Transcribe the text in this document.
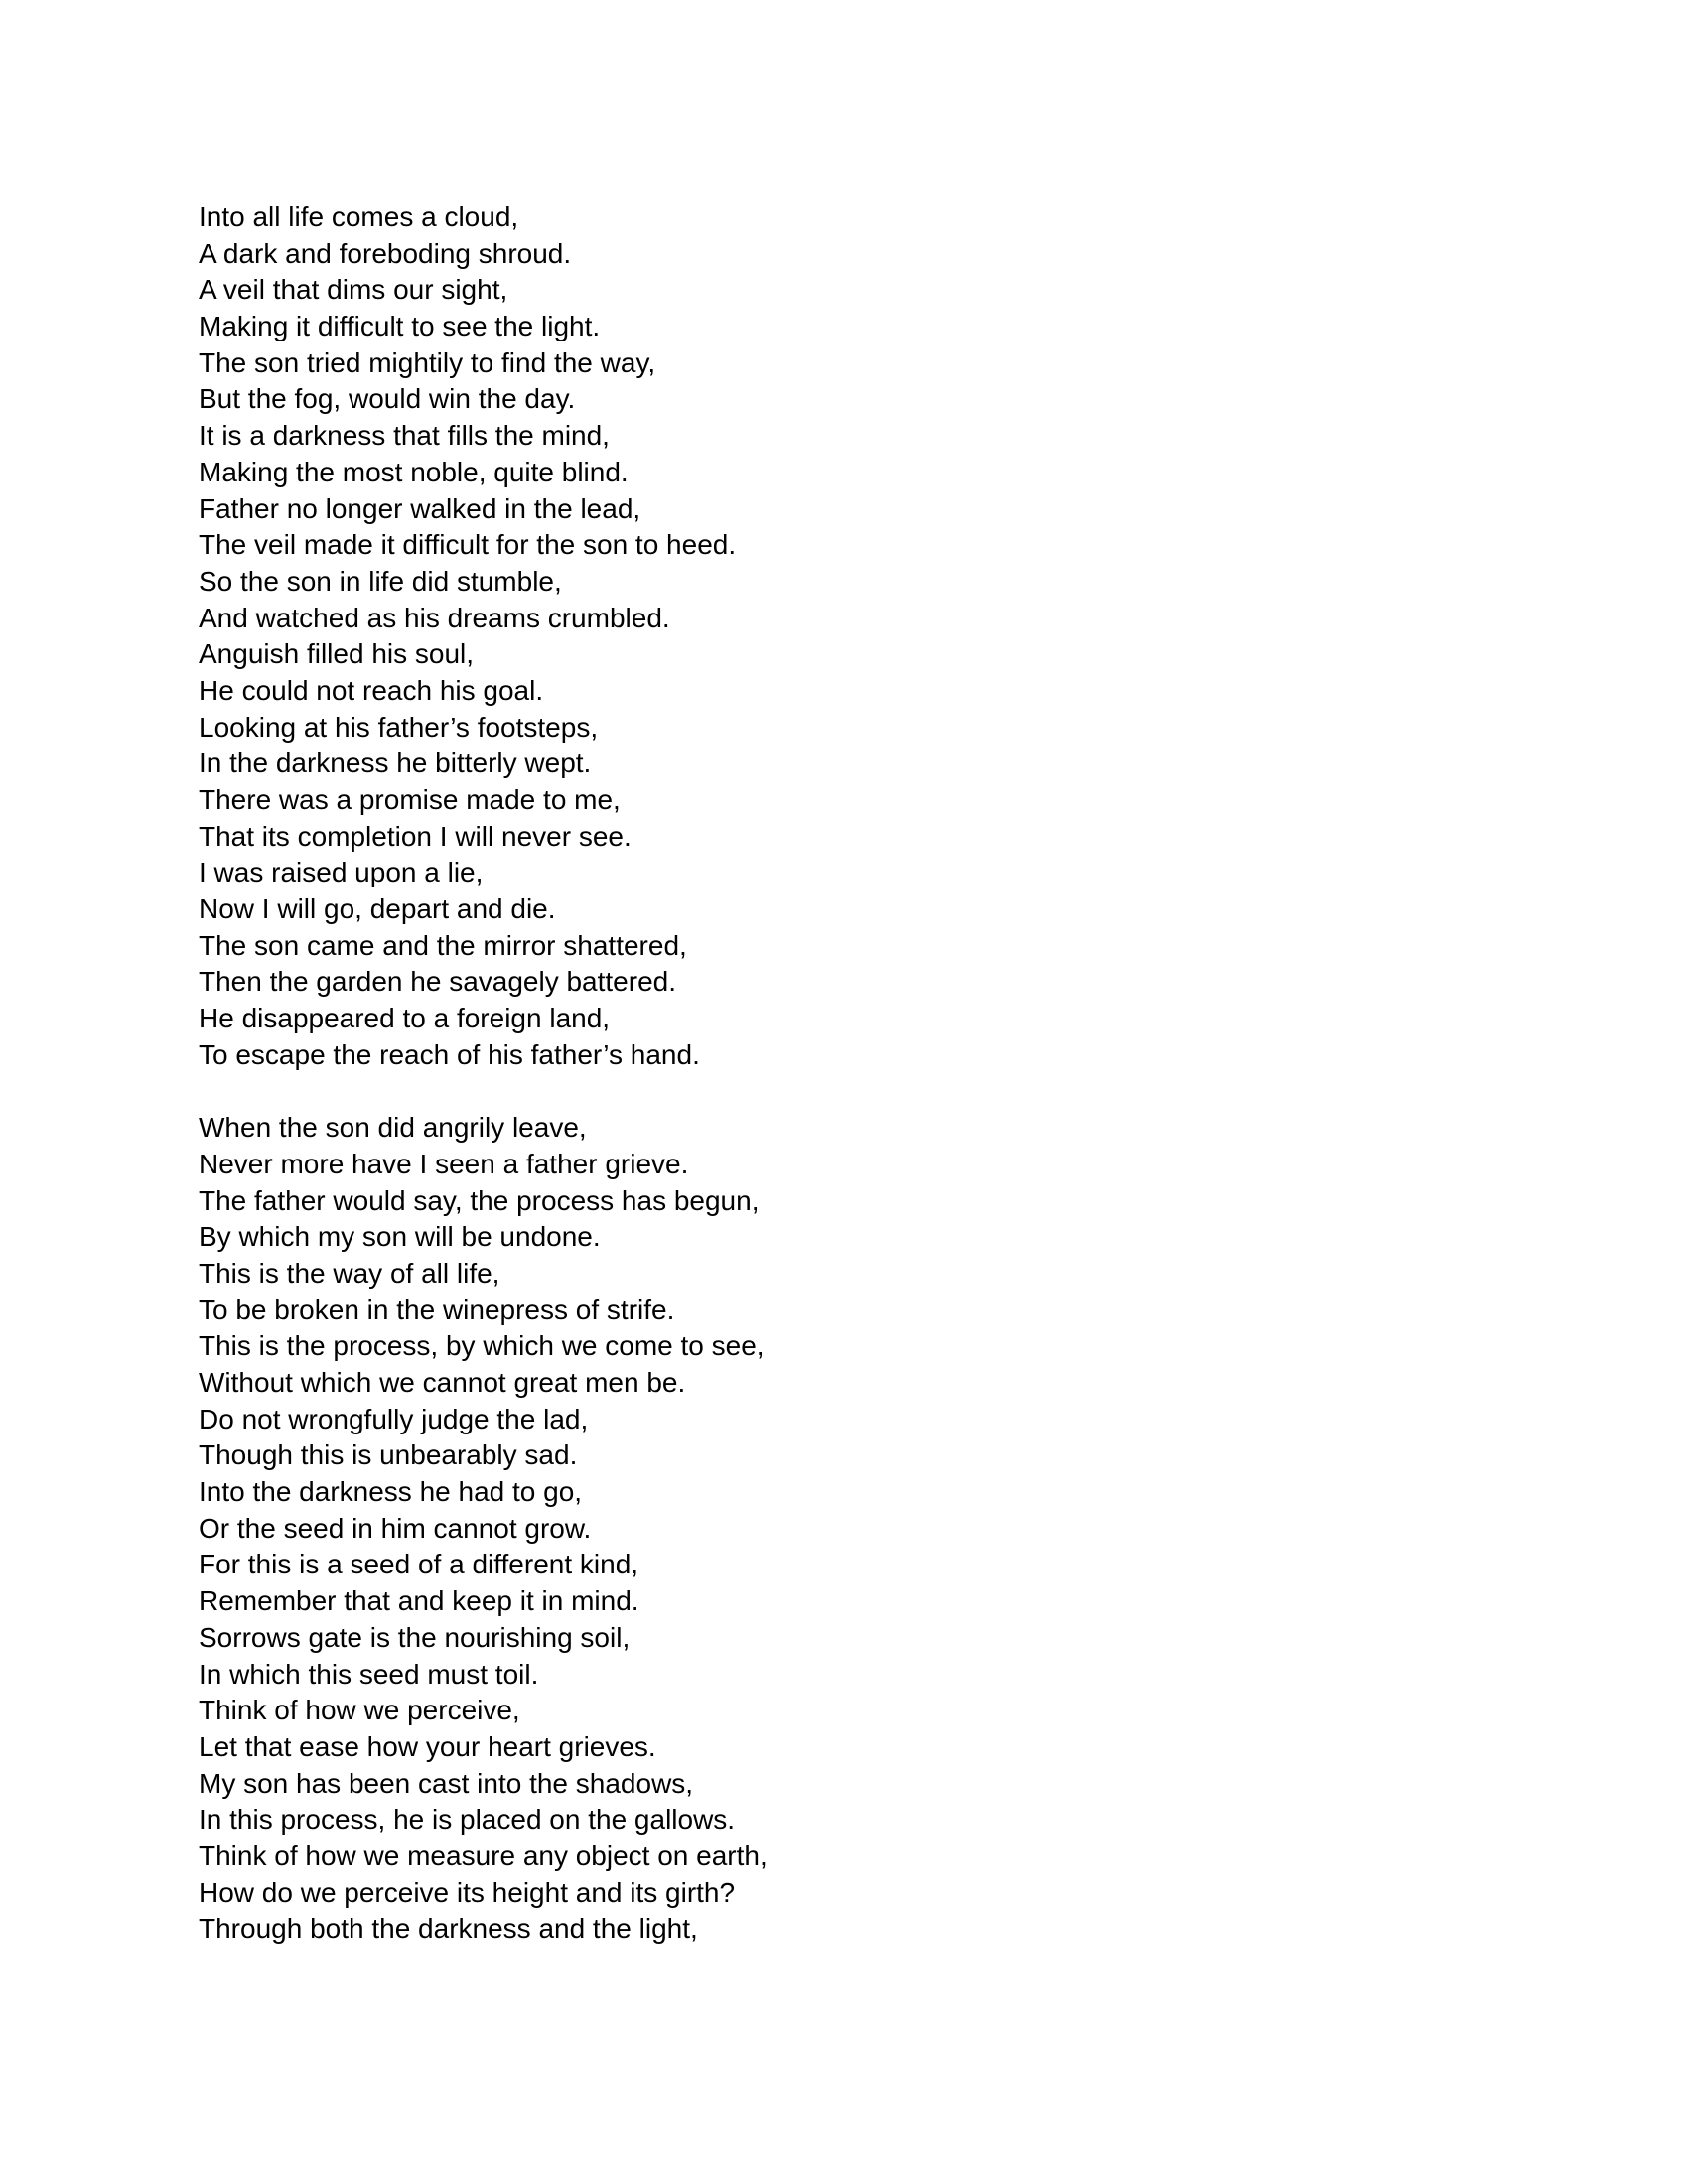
Into all life comes a cloud,
A dark and foreboding shroud.
A veil that dims our sight,
Making it difficult to see the light.
The son tried mightily to find the way,
But the fog, would win the day.
It is a darkness that fills the mind,
Making the most noble, quite blind.
Father no longer walked in the lead,
The veil made it difficult for the son to heed.
So the son in life did stumble,
And watched as his dreams crumbled.
Anguish filled his soul,
He could not reach his goal.
Looking at his father’s footsteps,
In the darkness he bitterly wept.
There was a promise made to me,
That its completion I will never see.
I was raised upon a lie,
Now I will go, depart and die.
The son came and the mirror shattered,
Then the garden he savagely battered.
He disappeared to a foreign land,
To escape the reach of his father’s hand.
When the son did angrily leave,
Never more have I seen a father grieve.
The father would say, the process has begun,
By which my son will be undone.
This is the way of all life,
To be broken in the winepress of strife.
This is the process, by which we come to see,
Without which we cannot great men be.
Do not wrongfully judge the lad,
Though this is unbearably sad.
Into the darkness he had to go,
Or the seed in him cannot grow.
For this is a seed of a different kind,
Remember that and keep it in mind.
Sorrows gate is the nourishing soil,
In which this seed must toil.
Think of how we perceive,
Let that ease how your heart grieves.
My son has been cast into the shadows,
In this process, he is placed on the gallows.
Think of how we measure any object on earth,
How do we perceive its height and its girth?
Through both the darkness and the light,
